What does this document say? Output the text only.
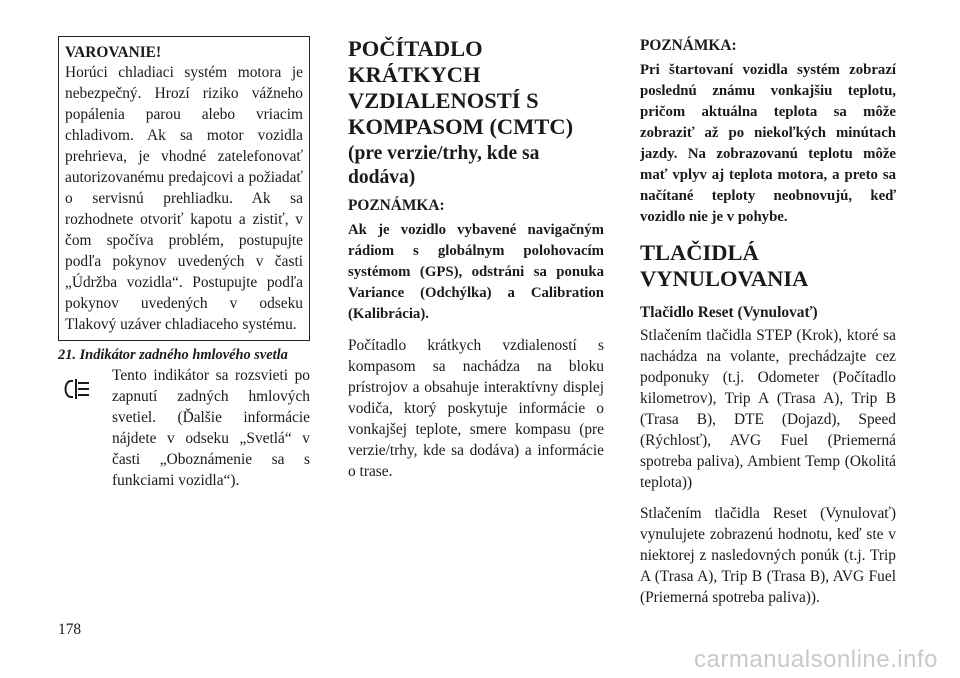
VAROVANIE!
Horúci chladiaci systém motora je nebezpečný. Hrozí riziko vážneho popálenia parou alebo vriacim chladivom. Ak sa motor vozidla prehrieva, je vhodné zatelefonovať autorizovanému predajcovi a požiadať o servisnú prehliadku. Ak sa rozhodnete otvoriť kapotu a zistiť, v čom spočíva problém, postupujte podľa pokynov uvedených v časti „Údržba vozidla“. Postupujte podľa pokynov uvedených v odseku Tlakový uzáver chladiaceho systému.
21. Indikátor zadného hmlového svetla
Tento indikátor sa rozsvieti po zapnutí zadných hmlových svetiel. (Ďalšie informácie nájdete v odseku „Svetlá“ v časti „Oboznámenie sa s funkciami vozidla“).
POČÍTADLO KRÁTKYCH VZDIALENOSTÍ S KOMPASOM (CMTC)
(pre verzie/trhy, kde sa dodáva)
POZNÁMKA:
Ak je vozidlo vybavené navigačným rádiom s globálnym polohovacím systémom (GPS), odstráni sa ponuka Variance (Odchýlka) a Calibration (Kalibrácia).
Počítadlo krátkych vzdialeností s kompasom sa nachádza na bloku prístrojov a obsahuje interaktívny displej vodiča, ktorý poskytuje informácie o vonkajšej teplote, smere kompasu (pre verzie/trhy, kde sa dodáva) a informácie o trase.
POZNÁMKA:
Pri štartovaní vozidla systém zobrazí poslednú známu vonkajšiu teplotu, pričom aktuálna teplota sa môže zobraziť až po niekoľkých minútach jazdy. Na zobrazovanú teplotu môže mať vplyv aj teplota motora, a preto sa načítané teploty neobnovujú, keď vozidlo nie je v pohybe.
TLAČIDLÁ VYNULOVANIA
Tlačidlo Reset (Vynulovať)
Stlačením tlačidla STEP (Krok), ktoré sa nachádza na volante, prechádzajte cez podponuky (t.j. Odometer (Počítadlo kilometrov), Trip A (Trasa A), Trip B (Trasa B), DTE (Dojazd), Speed (Rýchlosť), AVG Fuel (Priemerná spotreba paliva), Ambient Temp (Okolitá teplota))
Stlačením tlačidla Reset (Vynulovať) vynulujete zobrazenú hodnotu, keď ste v niektorej z nasledovných ponúk (t.j. Trip A (Trasa A), Trip B (Trasa B), AVG Fuel (Priemerná spotreba paliva)).
178
carmanualsonline.info
